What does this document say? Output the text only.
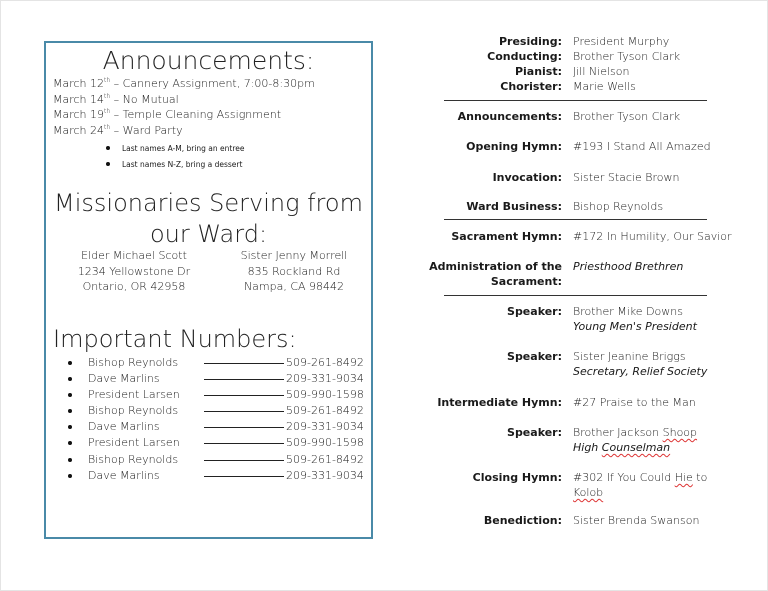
Announcements:
March 12th – Cannery Assignment, 7:00-8:30pm
March 14th – No Mutual
March 19th – Temple Cleaning Assignment
March 24th – Ward Party
Last names A-M, bring an entree
Last names N-Z, bring a dessert
Missionaries Serving from
our Ward:
Elder Michael Scott
1234 Yellowstone Dr
Ontario, OR 42958
Sister Jenny Morrell
835 Rockland Rd
Nampa, CA 98442
Important Numbers:
Bishop Reynolds	509-261-8492
Dave Marlins	209-331-9034
President Larsen	509-990-1598
Bishop Reynolds	509-261-8492
Dave Marlins	209-331-9034
President Larsen	509-990-1598
Bishop Reynolds	509-261-8492
Dave Marlins	209-331-9034
Presiding: President Murphy
Conducting: Brother Tyson Clark
Pianist: Jill Nielson
Chorister: Marie Wells
Announcements: Brother Tyson Clark
Opening Hymn: #193 I Stand All Amazed
Invocation: Sister Stacie Brown
Ward Business: Bishop Reynolds
Sacrament Hymn: #172 In Humility, Our Savior
Administration of the
Sacrament:
Priesthood Brethren
Speaker: Brother Mike Downs
Young Men's President
Speaker: Sister Jeanine Briggs
Secretary, Relief Society
Intermediate Hymn: #27 Praise to the Man
Speaker: Brother Jackson Shoop
High Counselman
Closing Hymn: #302 If You Could Hie to
Kolob
Benediction: Sister Brenda Swanson
